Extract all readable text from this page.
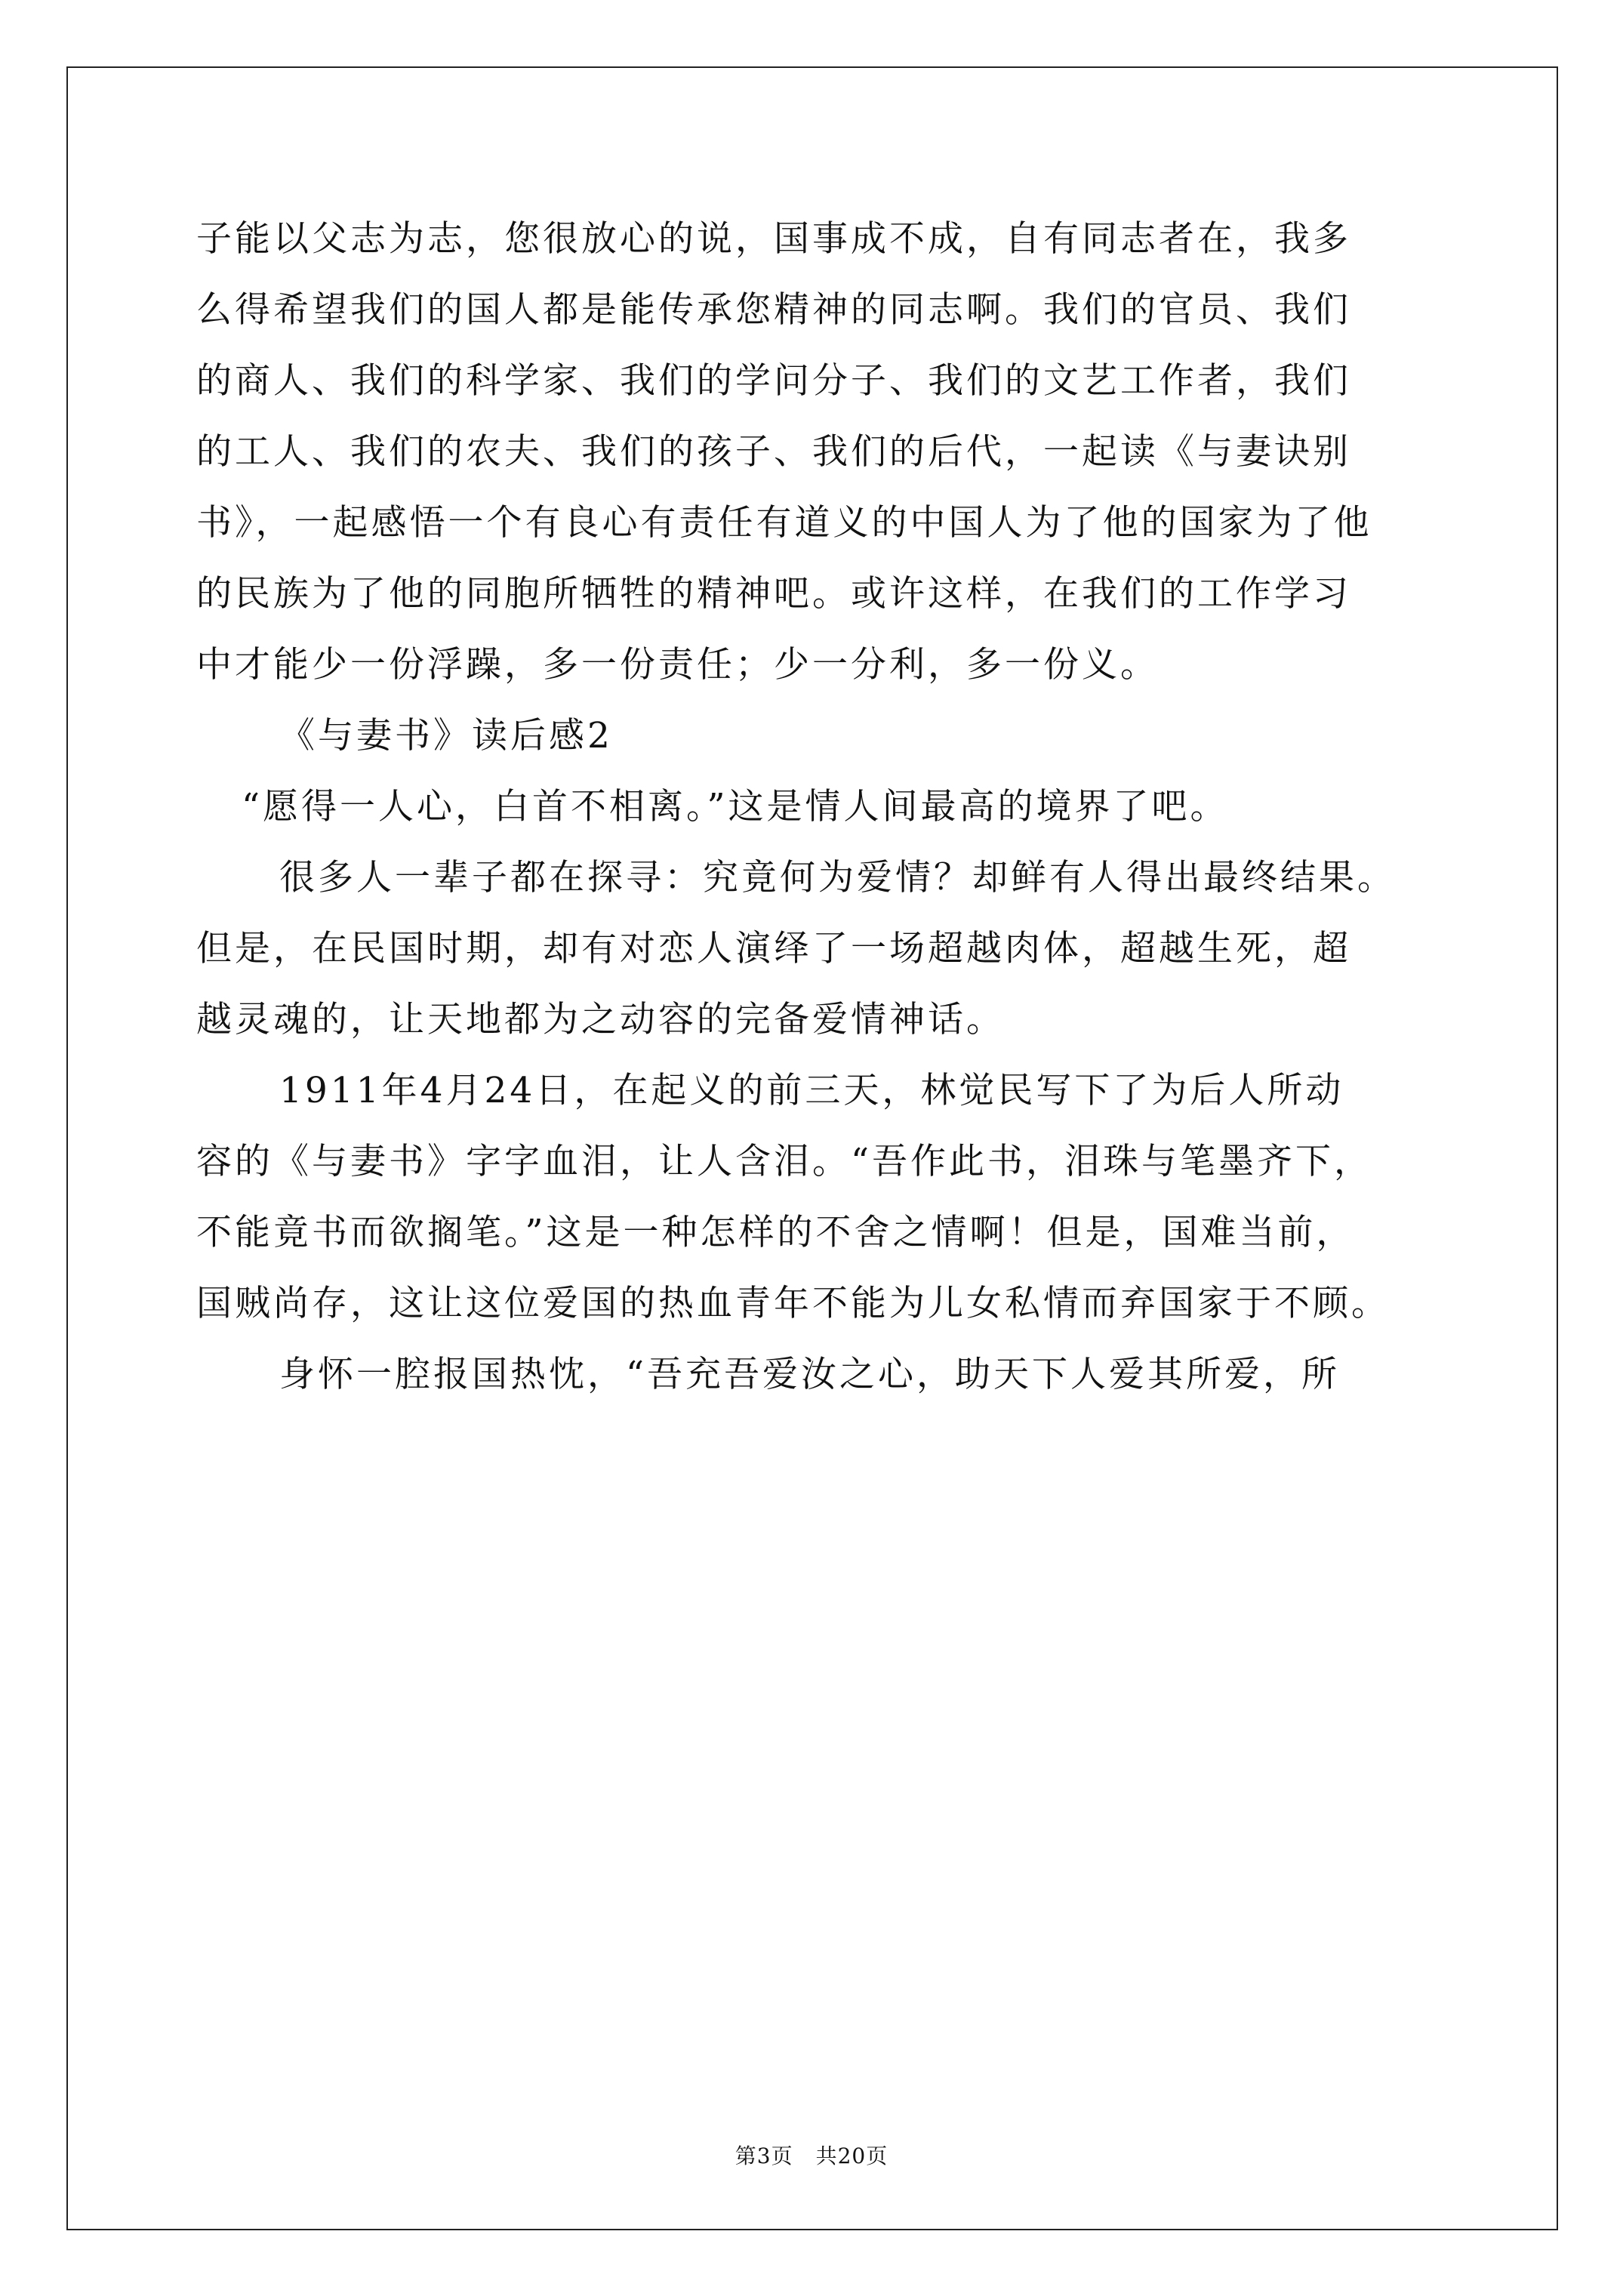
子能以父志为志，您很放心的说，国事成不成，自有同志者在，我多
么得希望我们的国人都是能传承您精神的同志啊。我们的官员、我们
的商人、我们的科学家、我们的学问分子、我们的文艺工作者，我们
的工人、我们的农夫、我们的孩子、我们的后代，一起读《与妻诀别
书》，一起感悟一个有良心有责任有道义的中国人为了他的国家为了他
的民族为了他的同胞所牺牲的精神吧。或许这样，在我们的工作学习
中才能少一份浮躁，多一份责任；少一分利，多一份义。
《与妻书》读后感2
“愿得一人心，白首不相离。”这是情人间最高的境界了吧。
很多人一辈子都在探寻：究竟何为爱情？却鲜有人得出最终结果。
但是，在民国时期，却有对恋人演绎了一场超越肉体，超越生死，超
越灵魂的，让天地都为之动容的完备爱情神话。
1911年4月24日，在起义的前三天，林觉民写下了为后人所动
容的《与妻书》字字血泪，让人含泪。“吾作此书，泪珠与笔墨齐下，
不能竟书而欲搁笔。”这是一种怎样的不舍之情啊！但是，国难当前，
国贼尚存，这让这位爱国的热血青年不能为儿女私情而弃国家于不顾。
身怀一腔报国热忱，“吾充吾爱汝之心，助天下人爱其所爱，所
第3页 共20页
